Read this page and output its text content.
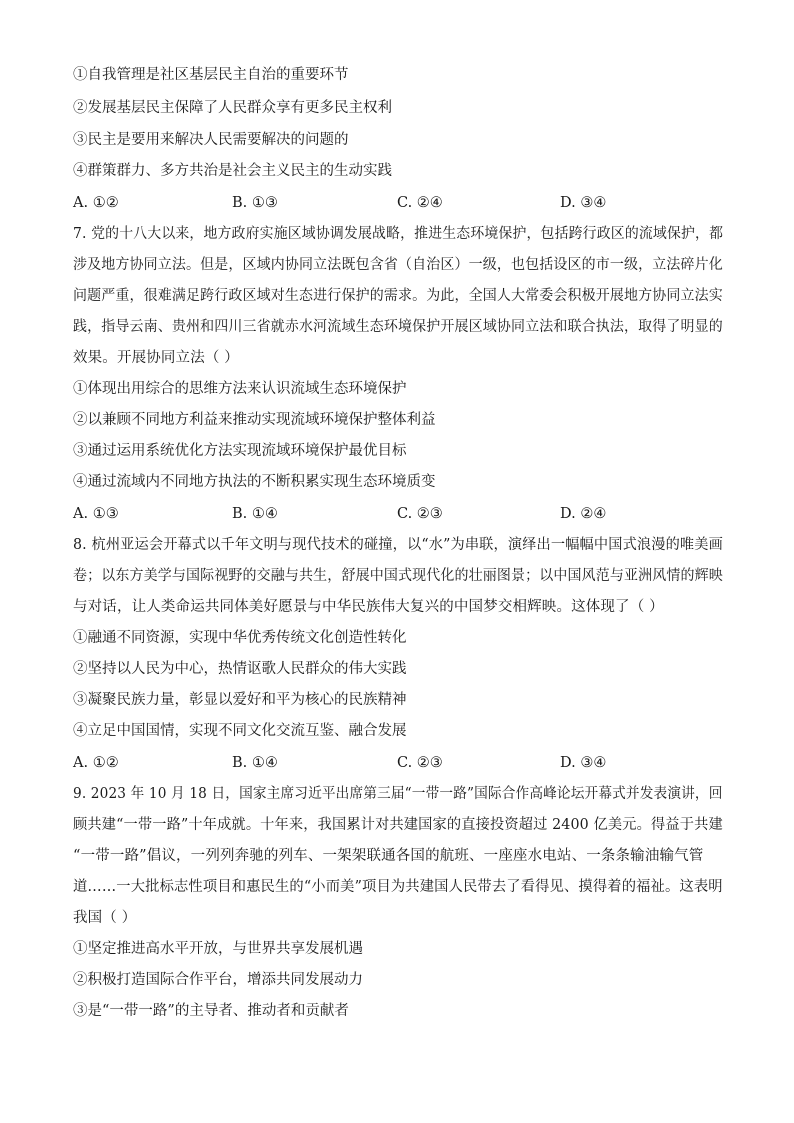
①自我管理是社区基层民主自治的重要环节
②发展基层民主保障了人民群众享有更多民主权利
③民主是要用来解决人民需要解决的问题的
④群策群力、多方共治是社会主义民主的生动实践
A. ①②	B. ①③	C. ②④	D. ③④
7. 党的十八大以来，地方政府实施区域协调发展战略，推进生态环境保护，包括跨行政区的流域保护，都
涉及地方协同立法。但是，区域内协同立法既包含省（自治区）一级，也包括设区的市一级，立法碎片化
问题严重，很难满足跨行政区域对生态进行保护的需求。为此，全国人大常委会积极开展地方协同立法实
践，指导云南、贵州和四川三省就赤水河流域生态环境保护开展区域协同立法和联合执法，取得了明显的
效果。开展协同立法（ ）
①体现出用综合的思维方法来认识流域生态环境保护
②以兼顾不同地方利益来推动实现流域环境保护整体利益
③通过运用系统优化方法实现流域环境保护最优目标
④通过流域内不同地方执法的不断积累实现生态环境质变
A. ①③	B. ①④	C. ②③	D. ②④
8. 杭州亚运会开幕式以千年文明与现代技术的碰撞，以“水”为串联，演绎出一幅幅中国式浪漫的唯美画
卷；以东方美学与国际视野的交融与共生，舒展中国式现代化的壮丽图景；以中国风范与亚洲风情的辉映
与对话，让人类命运共同体美好愿景与中华民族伟大复兴的中国梦交相辉映。这体现了（ ）
①融通不同资源，实现中华优秀传统文化创造性转化
②坚持以人民为中心，热情讴歌人民群众的伟大实践
③凝聚民族力量，彰显以爱好和平为核心的民族精神
④立足中国国情，实现不同文化交流互鉴、融合发展
A. ①②	B. ①④	C. ②③	D. ③④
9. 2023 年 10 月 18 日，国家主席习近平出席第三届“一带一路”国际合作高峰论坛开幕式并发表演讲，回
顾共建“一带一路”十年成就。十年来，我国累计对共建国家的直接投资超过 2400 亿美元。得益于共建
“一带一路”倡议，一列列奔驰的列车、一架架联通各国的航班、一座座水电站、一条条输油输气管
道……一大批标志性项目和惠民生的“小而美”项目为共建国人民带去了看得见、摸得着的福祉。这表明
我国（ ）
①坚定推进高水平开放，与世界共享发展机遇
②积极打造国际合作平台，增添共同发展动力
③是“一带一路”的主导者、推动者和贡献者
